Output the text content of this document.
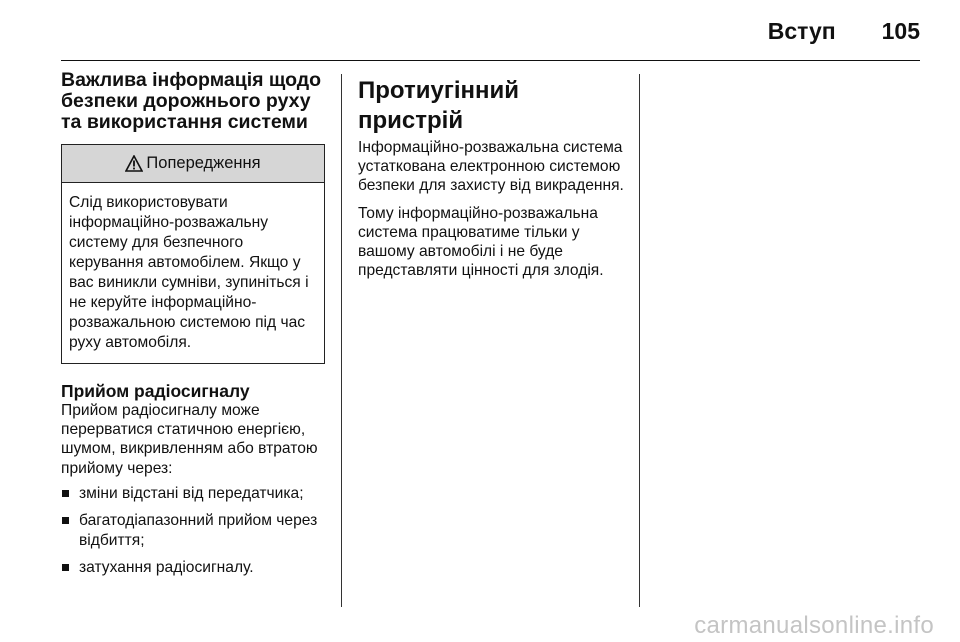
Вступ 105
Важлива інформація щодо безпеки дорожнього руху та використання системи
Попередження
Слід використовувати інформаційно-розважальну систему для безпечного керування автомобілем. Якщо у вас виникли сумніви, зупиніться і не керуйте інформаційно-розважальною системою під час руху автомобіля.
Прийом радіосигналу

Прийом радіосигналу може перерватися статичною енергією, шумом, викривленням або втратою прийому через:

зміни відстані від передатчика;
багатодіапазонний прийом через відбиття;
затухання радіосигналу.
Протиугінний пристрій

Інформаційно-розважальна система устаткована електронною системою безпеки для захисту від викрадення.

Тому інформаційно-розважальна система працюватиме тільки у вашому автомобілі і не буде представляти цінності для злодія.

carmanualsonline.info
